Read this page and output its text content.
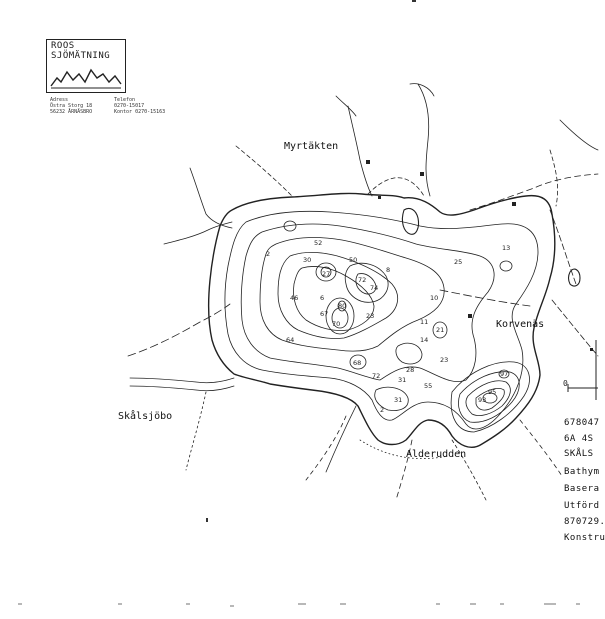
52
30
27
50
46
67
80
70
64
68
72
23
74
25
13
21
14
31
28
23
72
10
6
8
2
11
2
55
97
95
93
31	0
ROOS
SJÖMÄTNING
Adress
Östra Storg 18
56232 ÅRNÄSBRO
Telefon
0270-15017
Kontor 0270-15163
Myrtäkten
Korvenäs
Skålsjöbo
Alderudden
678047
6A 4S
SKÅLS
Bathym
Basera
Utförd
870729.
Konstru
